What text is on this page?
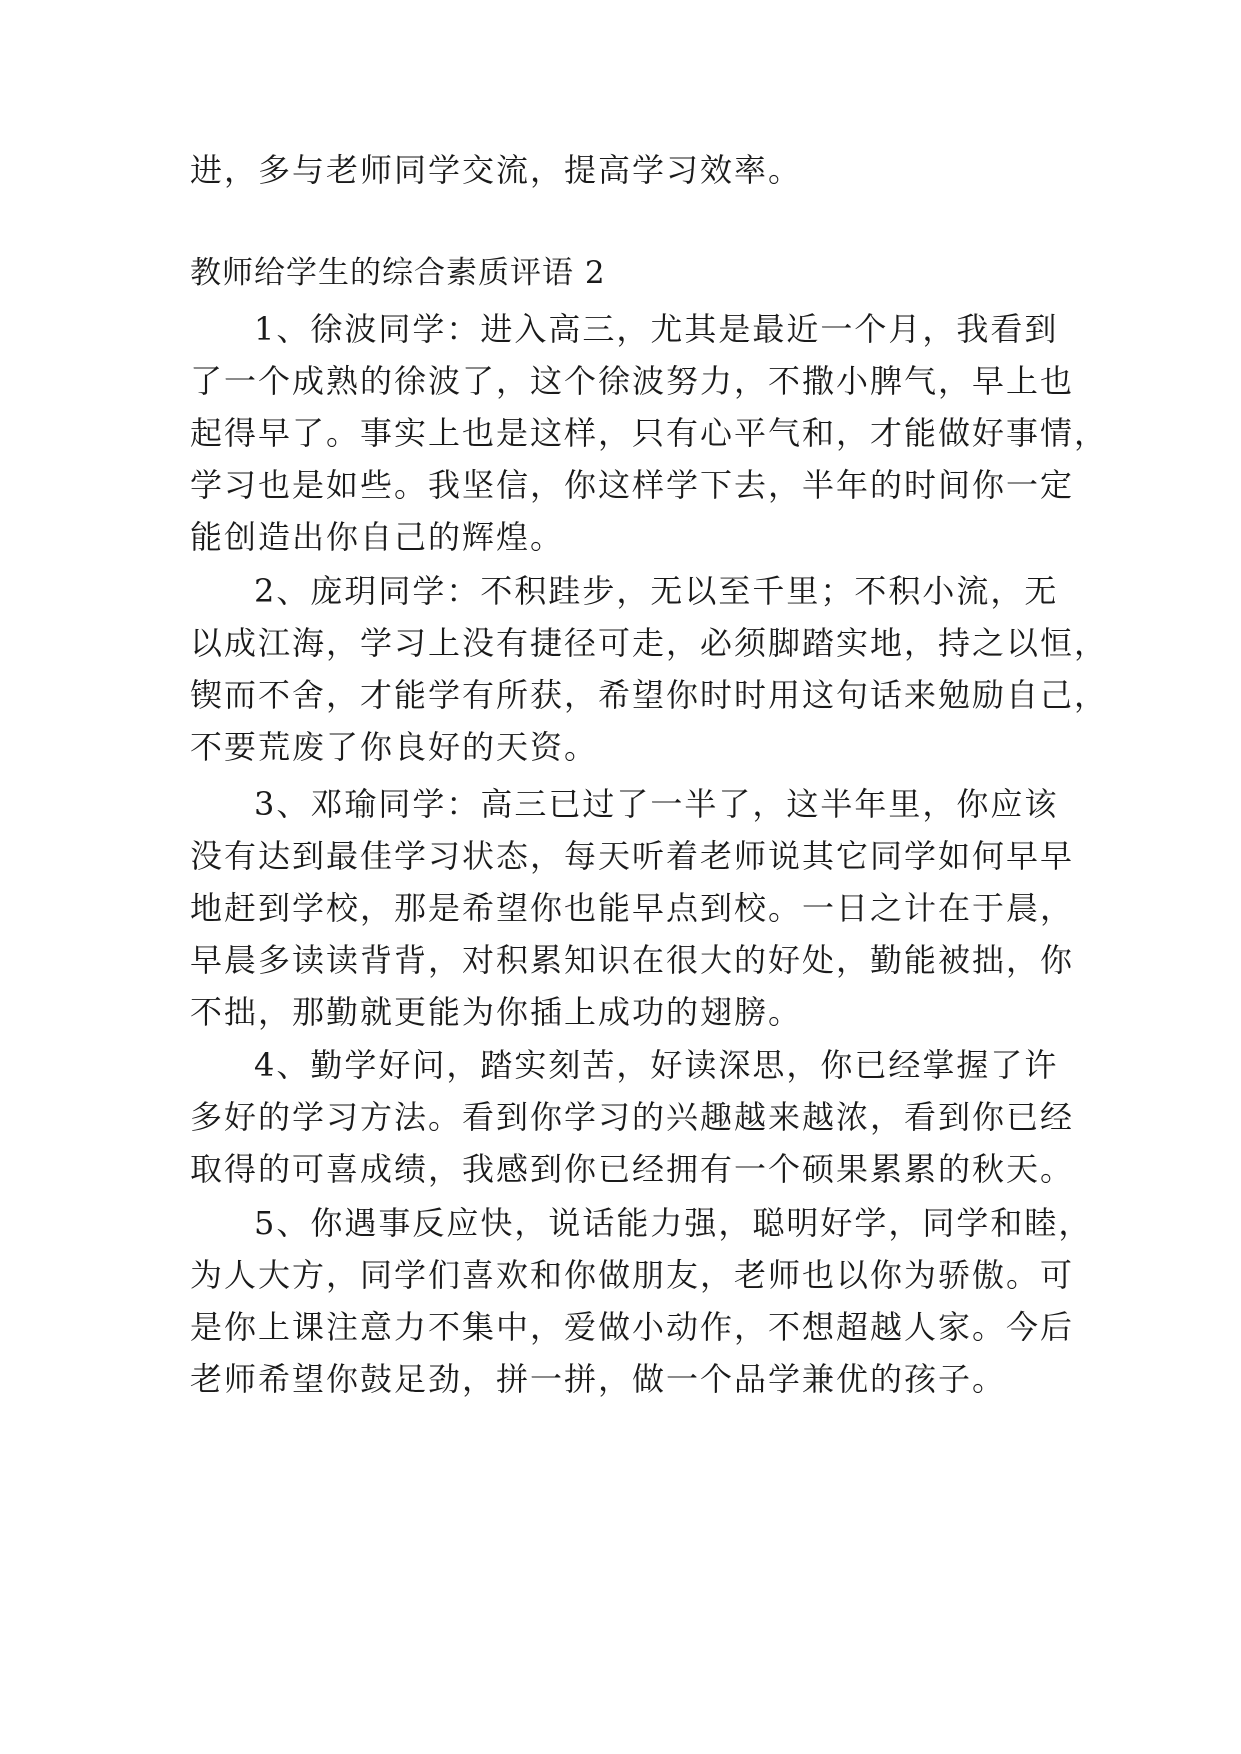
进，多与老师同学交流，提高学习效率。
教师给学生的综合素质评语 2
1、徐波同学：进入高三，尤其是最近一个月，我看到
了一个成熟的徐波了，这个徐波努力，不撒小脾气，早上也
起得早了。事实上也是这样，只有心平气和，才能做好事情，
学习也是如些。我坚信，你这样学下去，半年的时间你一定
能创造出你自己的辉煌。
2、庞玥同学：不积跬步，无以至千里；不积小流，无
以成江海，学习上没有捷径可走，必须脚踏实地，持之以恒，
锲而不舍，才能学有所获，希望你时时用这句话来勉励自己，
不要荒废了你良好的天资。
3、邓瑜同学：高三已过了一半了，这半年里，你应该
没有达到最佳学习状态，每天听着老师说其它同学如何早早
地赶到学校，那是希望你也能早点到校。一日之计在于晨，
早晨多读读背背，对积累知识在很大的好处，勤能被拙，你
不拙，那勤就更能为你插上成功的翅膀。
4、勤学好问，踏实刻苦，好读深思，你已经掌握了许
多好的学习方法。看到你学习的兴趣越来越浓，看到你已经
取得的可喜成绩，我感到你已经拥有一个硕果累累的秋天。
5、你遇事反应快，说话能力强，聪明好学，同学和睦，
为人大方，同学们喜欢和你做朋友，老师也以你为骄傲。可
是你上课注意力不集中，爱做小动作，不想超越人家。今后
老师希望你鼓足劲，拼一拼，做一个品学兼优的孩子。
